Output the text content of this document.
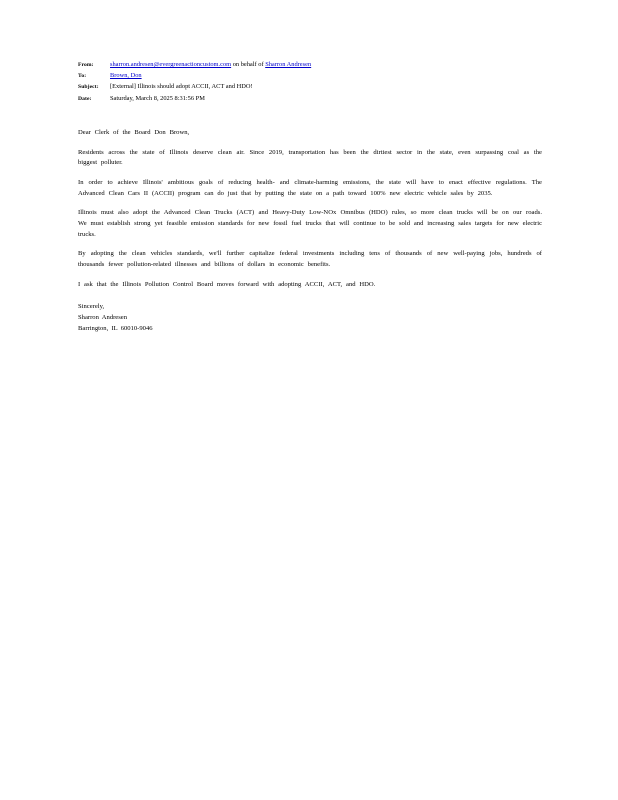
From:	sharron.andresen@evergreenactioncustom.com on behalf of Sharron Andresen
To:	Brown, Don
Subject:	[External] Illinois should adopt ACCII, ACT and HDO!
Date:	Saturday, March 8, 2025 8:31:56 PM

Dear Clerk of the Board Don Brown,

Residents across the state of Illinois deserve clean air. Since 2019, transportation has been the dirtiest sector in the state, even surpassing coal as the biggest polluter.

In order to achieve Illinois' ambitious goals of reducing health- and climate-harming emissions, the state will have to enact effective regulations. The Advanced Clean Cars II (ACCII) program can do just that by putting the state on a path toward 100% new electric vehicle sales by 2035.

Illinois must also adopt the Advanced Clean Trucks (ACT) and Heavy-Duty Low-NOx Omnibus (HDO) rules, so more clean trucks will be on our roads. We must establish strong yet feasible emission standards for new fossil fuel trucks that will continue to be sold and increasing sales targets for new electric trucks.

By adopting the clean vehicles standards, we'll further capitalize federal investments including tens of thousands of new well-paying jobs, hundreds of thousands fewer pollution-related illnesses and billions of dollars in economic benefits.

I ask that the Illinois Pollution Control Board moves forward with adopting ACCII, ACT, and HDO.

Sincerely,

Sharron Andresen

Barrington, IL 60010-9046
